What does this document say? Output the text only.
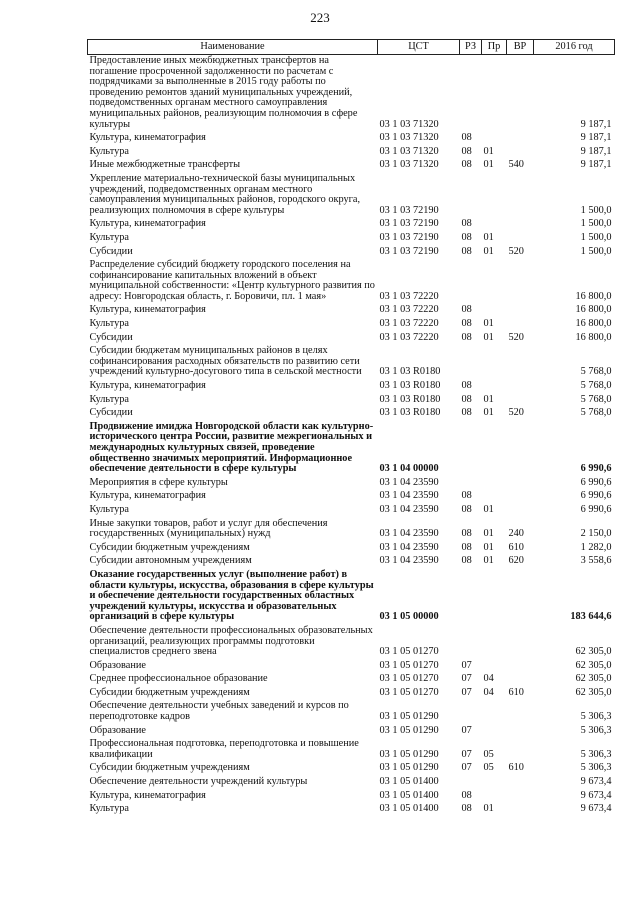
223
Наименование	ЦСТ	РЗ	Пр	ВР	2016 год
Предоставление иных межбюджетных трансфертов на погашение просроченной задолженности по расчетам с подрядчиками за выполненные в 2015 году работы по проведению ремонтов зданий муниципальных учреждений, подведомственных органам местного самоуправления муниципальных районов, реализующим полномочия в сфере культуры	03 1 03 71320				9 187,1
Культура, кинематография	03 1 03 71320	08			9 187,1
Культура	03 1 03 71320	08	01		9 187,1
Иные межбюджетные трансферты	03 1 03 71320	08	01	540	9 187,1
Укрепление материально-технической базы муниципальных учреждений, подведомственных органам местного самоуправления муниципальных районов, городского округа, реализующих полномочия в сфере культуры	03 1 03 72190				1 500,0
Культура, кинематография	03 1 03 72190	08			1 500,0
Культура	03 1 03 72190	08	01		1 500,0
Субсидии	03 1 03 72190	08	01	520	1 500,0
Распределение субсидий бюджету городского поселения на софинансирование капитальных вложений в объект муниципальной собственности: «Центр культурного развития по адресу: Новгородская область, г. Боровичи, пл. 1 мая»	03 1 03 72220				16 800,0
Культура, кинематография	03 1 03 72220	08			16 800,0
Культура	03 1 03 72220	08	01		16 800,0
Субсидии	03 1 03 72220	08	01	520	16 800,0
Субсидии бюджетам муниципальных районов в целях софинансирования расходных обязательств по развитию сети учреждений культурно-досугового типа в сельской местности	03 1 03 R0180				5 768,0
Культура, кинематография	03 1 03 R0180	08			5 768,0
Культура	03 1 03 R0180	08	01		5 768,0
Субсидии	03 1 03 R0180	08	01	520	5 768,0
Продвижение имиджа Новгородской области как культурно-исторического центра России, развитие межрегиональных и международных культурных связей, проведение общественно значимых мероприятий. Информационное обеспечение деятельности в сфере культуры	03 1 04 00000				6 990,6
Мероприятия в сфере культуры	03 1 04 23590				6 990,6
Культура, кинематография	03 1 04 23590	08			6 990,6
Культура	03 1 04 23590	08	01		6 990,6
Иные закупки товаров, работ и услуг для обеспечения государственных (муниципальных) нужд	03 1 04 23590	08	01	240	2 150,0
Субсидии бюджетным учреждениям	03 1 04 23590	08	01	610	1 282,0
Субсидии автономным учреждениям	03 1 04 23590	08	01	620	3 558,6
Оказание государственных услуг (выполнение работ) в области культуры, искусства, образования в сфере культуры и обеспечение деятельности государственных областных учреждений культуры, искусства и образовательных организаций в сфере культуры	03 1 05 00000				183 644,6
Обеспечение деятельности профессиональных образовательных организаций, реализующих программы подготовки специалистов среднего звена	03 1 05 01270				62 305,0
Образование	03 1 05 01270	07			62 305,0
Среднее профессиональное образование	03 1 05 01270	07	04		62 305,0
Субсидии бюджетным учреждениям	03 1 05 01270	07	04	610	62 305,0
Обеспечение деятельности учебных заведений и курсов по переподготовке кадров	03 1 05 01290				5 306,3
Образование	03 1 05 01290	07			5 306,3
Профессиональная подготовка, переподготовка и повышение квалификации	03 1 05 01290	07	05		5 306,3
Субсидии бюджетным учреждениям	03 1 05 01290	07	05	610	5 306,3
Обеспечение деятельности учреждений культуры	03 1 05 01400				9 673,4
Культура, кинематография	03 1 05 01400	08			9 673,4
Культура	03 1 05 01400	08	01		9 673,4
